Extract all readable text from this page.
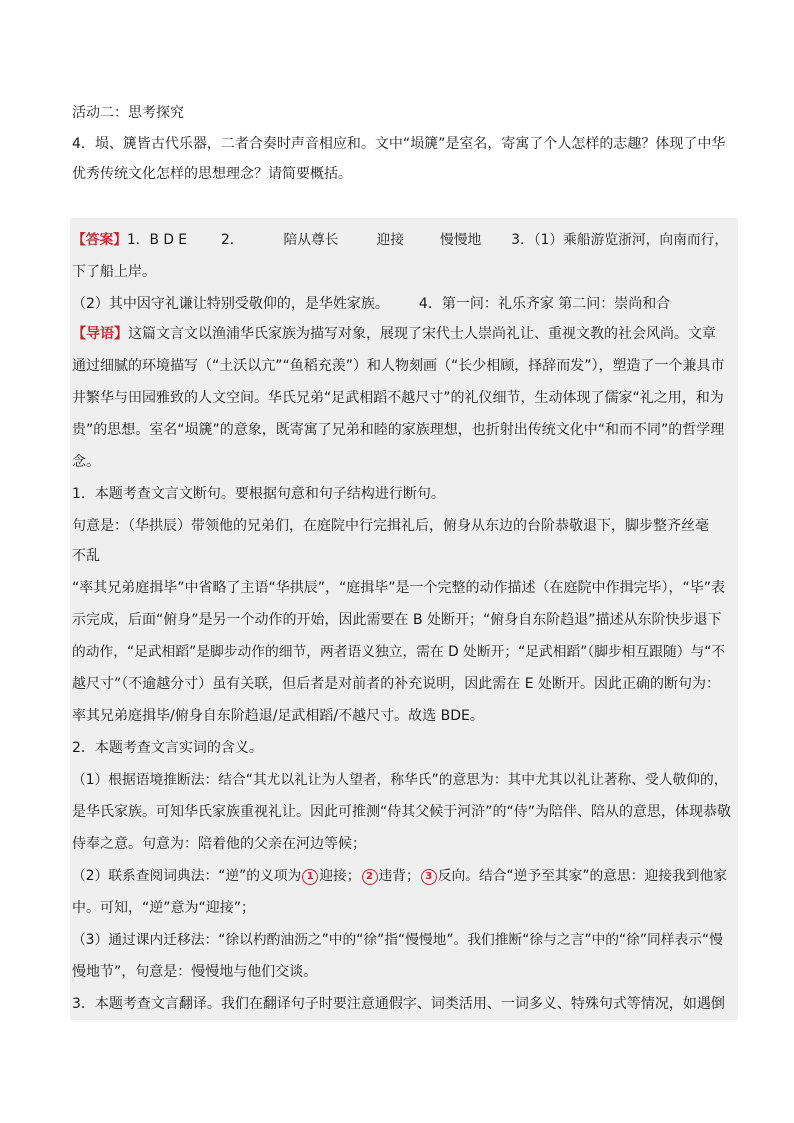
活动二：思考探究
4．埙、篪皆古代乐器，二者合奏时声音相应和。文中“埙篪”是室名，寄寓了个人怎样的志趣？体现了中华
优秀传统文化怎样的思想理念？请简要概括。
【答案】1．B D E 2．	陪从尊长	迎接	慢慢地 3．（1）乘船游览浙河，向南而行，
下了船上岸。
（2）其中因守礼谦让特别受敬仰的，是华姓家族。 4．第一问：礼乐齐家 第二问：崇尚和合
【导语】这篇文言文以渔浦华氏家族为描写对象，展现了宋代士人崇尚礼让、重视文教的社会风尚。文章
通过细腻的环境描写（“土沃以亢”“鱼稻充羡”）和人物刻画（“长少相顾，择辞而发”），塑造了一个兼具市
井繁华与田园雅致的人文空间。华氏兄弟“足武相蹈不越尺寸”的礼仪细节，生动体现了儒家“礼之用，和为
贵”的思想。室名“埙篪”的意象，既寄寓了兄弟和睦的家族理想，也折射出传统文化中“和而不同”的哲学理
念。
1．本题考查文言文断句。要根据句意和句子结构进行断句。
句意是：（华拱辰）带领他的兄弟们，在庭院中行完揖礼后，俯身从东边的台阶恭敬退下，脚步整齐丝毫
不乱
“率其兄弟庭揖毕”中省略了主语“华拱辰”，“庭揖毕”是一个完整的动作描述（在庭院中作揖完毕），“毕”表
示完成，后面“俯身”是另一个动作的开始，因此需要在 B 处断开；“俯身自东阶趋退”描述从东阶快步退下
的动作，“足武相蹈”是脚步动作的细节，两者语义独立，需在 D 处断开；“足武相蹈”（脚步相互跟随）与“不
越尺寸”（不逾越分寸）虽有关联，但后者是对前者的补充说明，因此需在 E 处断开。因此正确的断句为：
率其兄弟庭揖毕/俯身自东阶趋退/足武相蹈/不越尺寸。故选 BDE。
2．本题考查文言实词的含义。
（1）根据语境推断法：结合“其尤以礼让为人望者，称华氏”的意思为：其中尤其以礼让著称、受人敬仰的，
是华氏家族。可知华氏家族重视礼让。因此可推测“侍其父候于河浒”的“侍”为陪伴、陪从的意思，体现恭敬
侍奉之意。句意为：陪着他的父亲在河边等候；
（2）联系查阅词典法：“逆”的义项为 1 迎接； 2 违背； 3 反向。结合“逆予至其家”的意思：迎接我到他家
中。可知，“逆”意为“迎接”；
（3）通过课内迁移法：“徐以杓酌油沥之”中的“徐”指“慢慢地”。我们推断“徐与之言”中的“徐”同样表示“慢
慢地节”，句意是：慢慢地与他们交谈。
3．本题考查文言翻译。我们在翻译句子时要注意通假字、词类活用、一词多义、特殊句式等情况，如遇倒
